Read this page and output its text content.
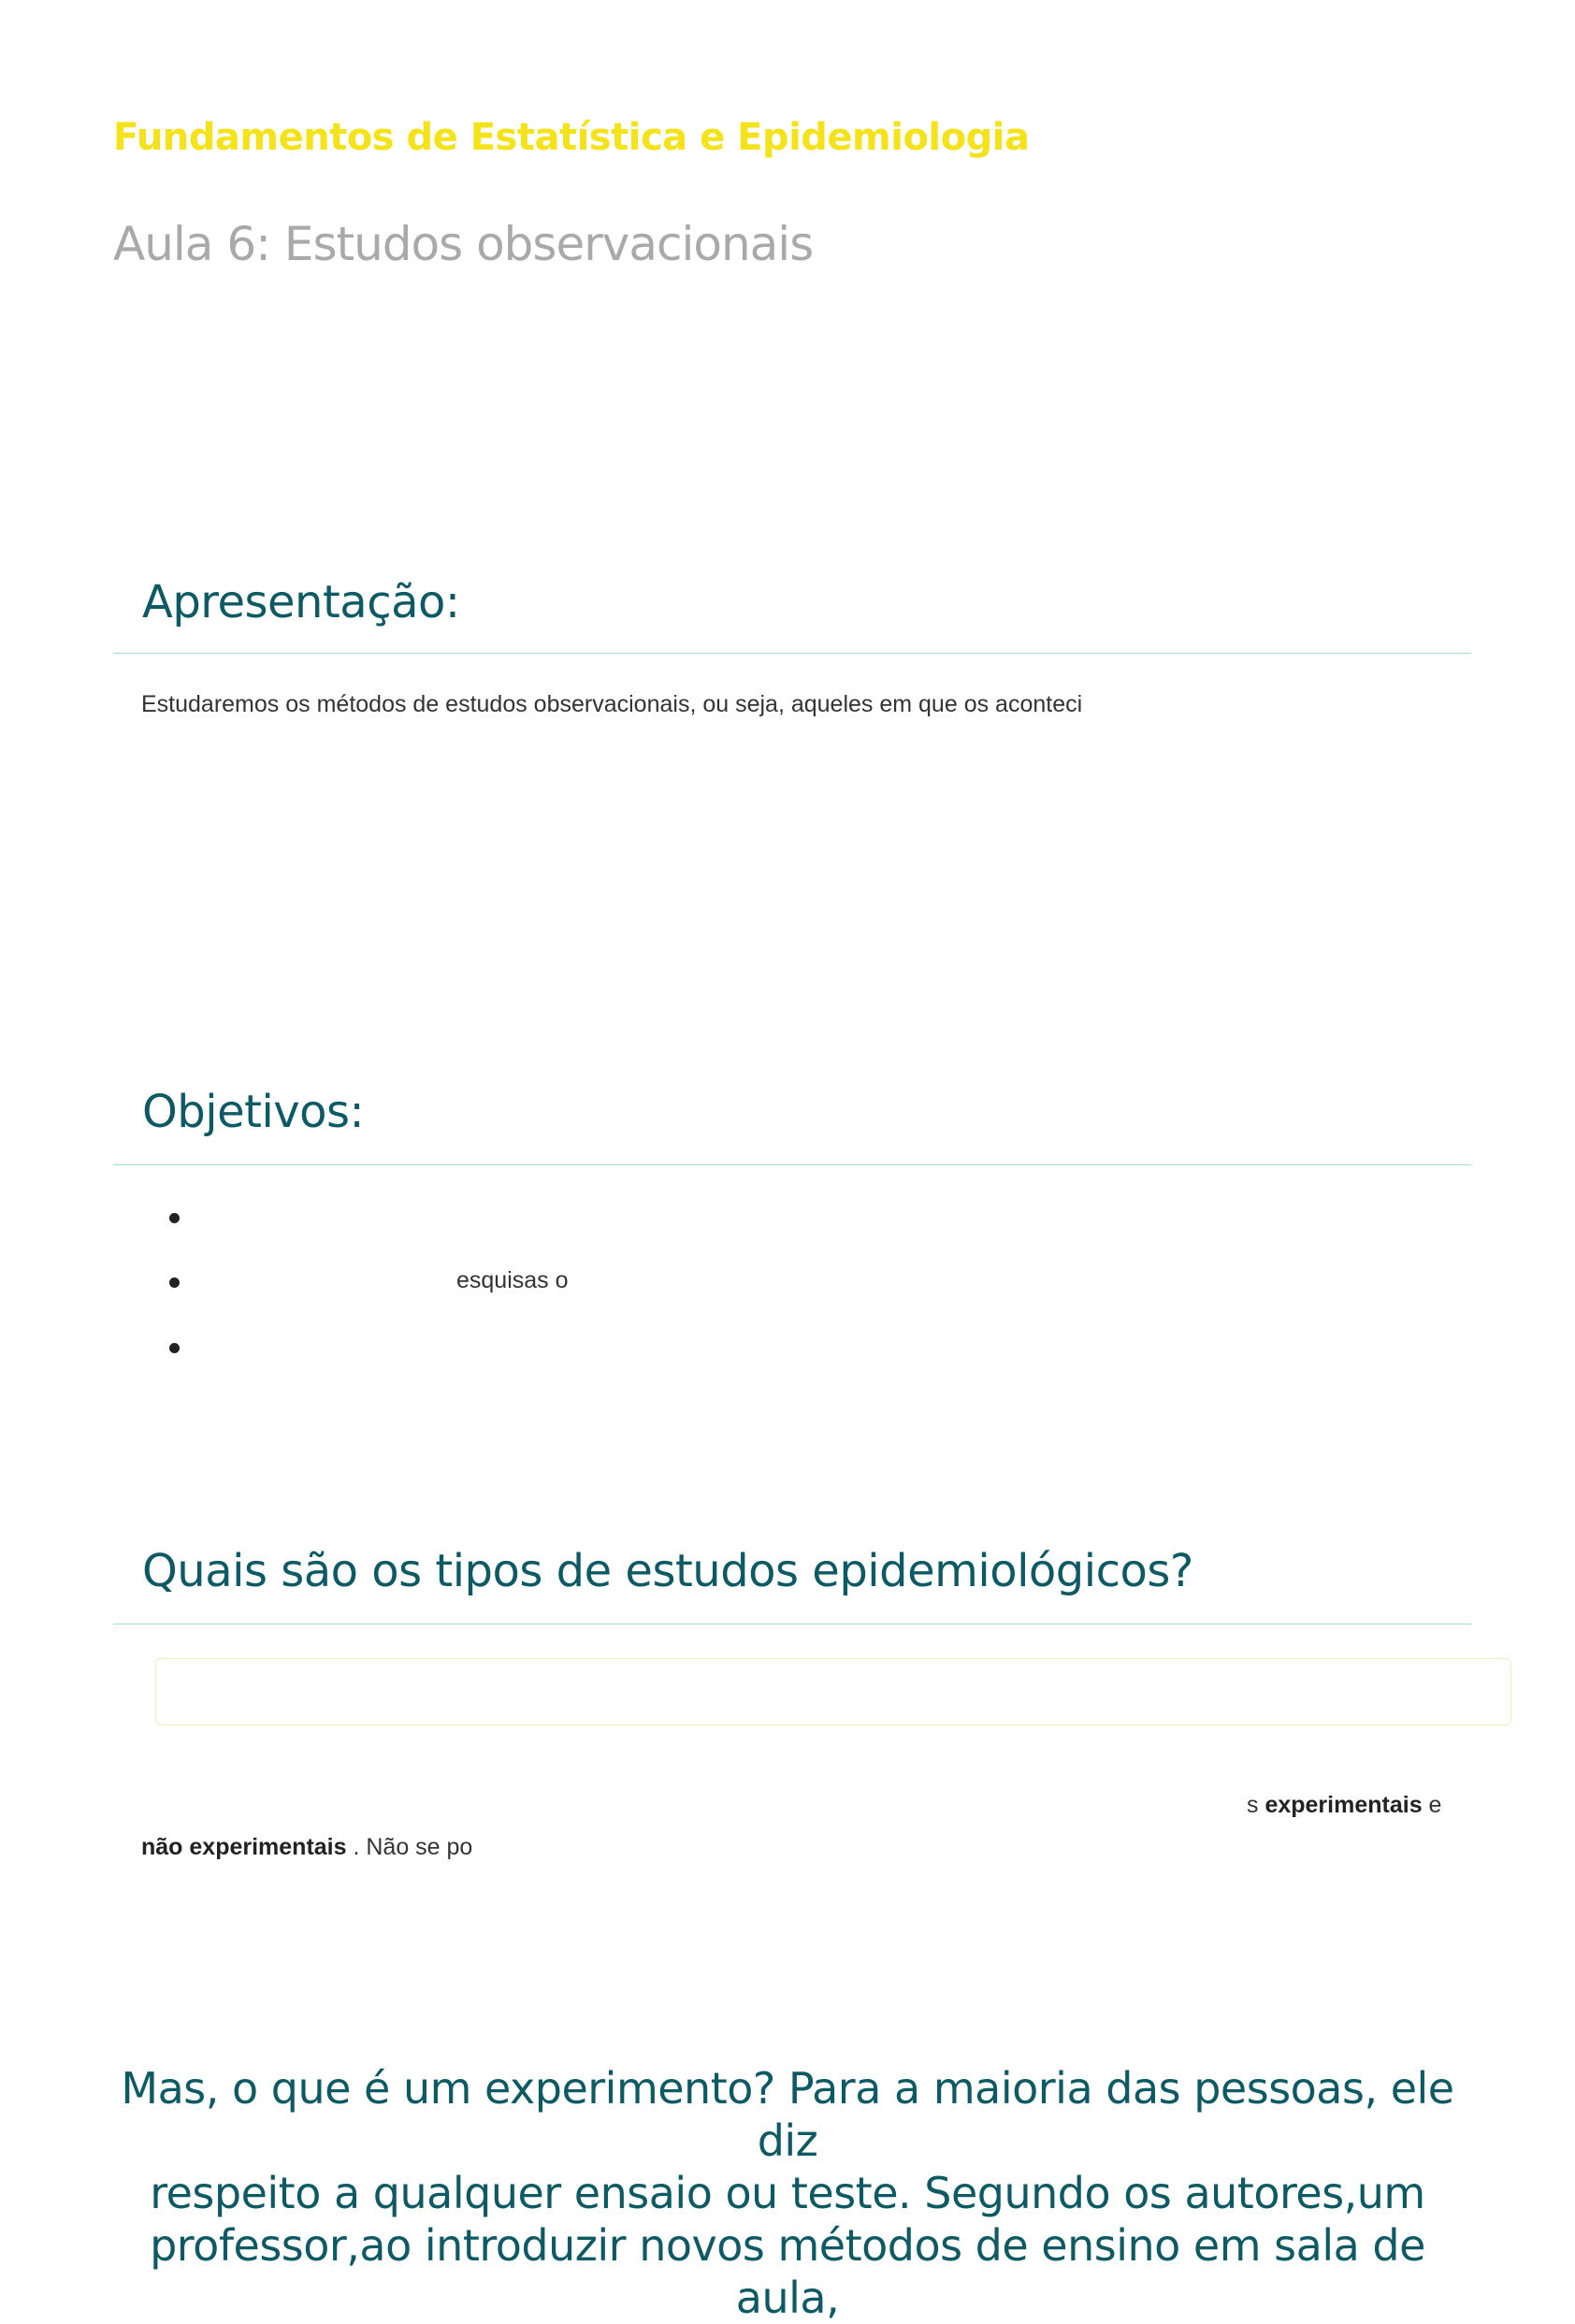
Fundamentos de Estatística e Epidemiologia
Aula 6: Estudos observacionais
Apresentação:

Estudaremos os métodos de estudos observacionais, ou seja, aqueles em que os aconteci

Objetivos:
esquisas o
Quais são os tipos de estudos epidemiológicos?

s experimentais e

não experimentais . Não se po

Mas, o que é um experimento? Para a maioria das pessoas, ele diz
respeito a qualquer ensaio ou teste. Segundo os autores,um
professor,ao introduzir novos métodos de ensino em sala de aula,
